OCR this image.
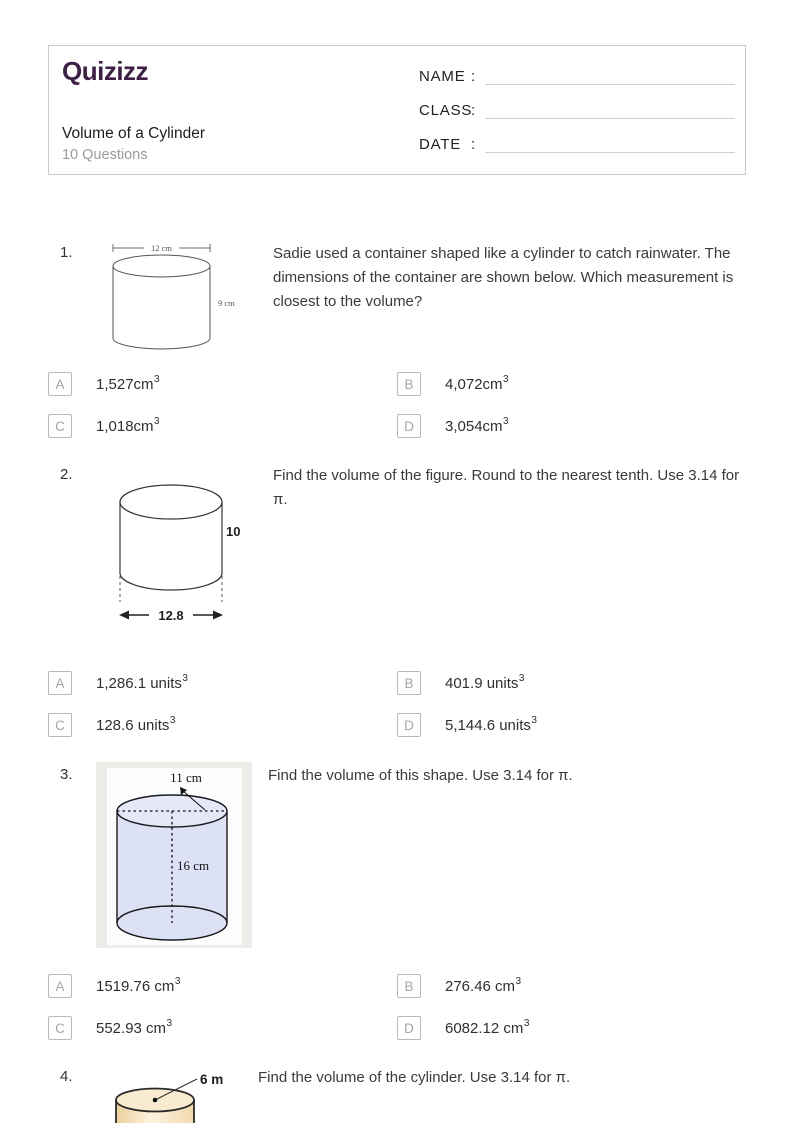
Quizizz
Volume of a Cylinder
10 Questions
NAME :
CLASS
:
DATE :
1.	12 cm
9 cm
Sadie used a container shaped like a cylinder to catch rainwater. The dimensions of the container are shown below. Which measurement is closest to the volume?
A	$1,527cm^3$	B	$4,072cm^3$
C	$1,018cm^3$	D	$3,054cm^3$
2.
12.8
10
Find the volume of the figure. Round to the nearest tenth. Use 3.14 for π.
A	1,286.1 units$^3$	B	401.9 units$^3$
C	128.6 units$^3$	D	5,144.6 units$^3$
3.	11 cm
16 cm
Find the volume of this shape. Use 3.14 for π.
A	1519.76 $cm^3$	B	276.46 $cm^3$
C	552.93 $cm^3$	D	6082.12 $cm^3$
4.	6 m Find the volume of the cylinder. Use 3.14 for π.
